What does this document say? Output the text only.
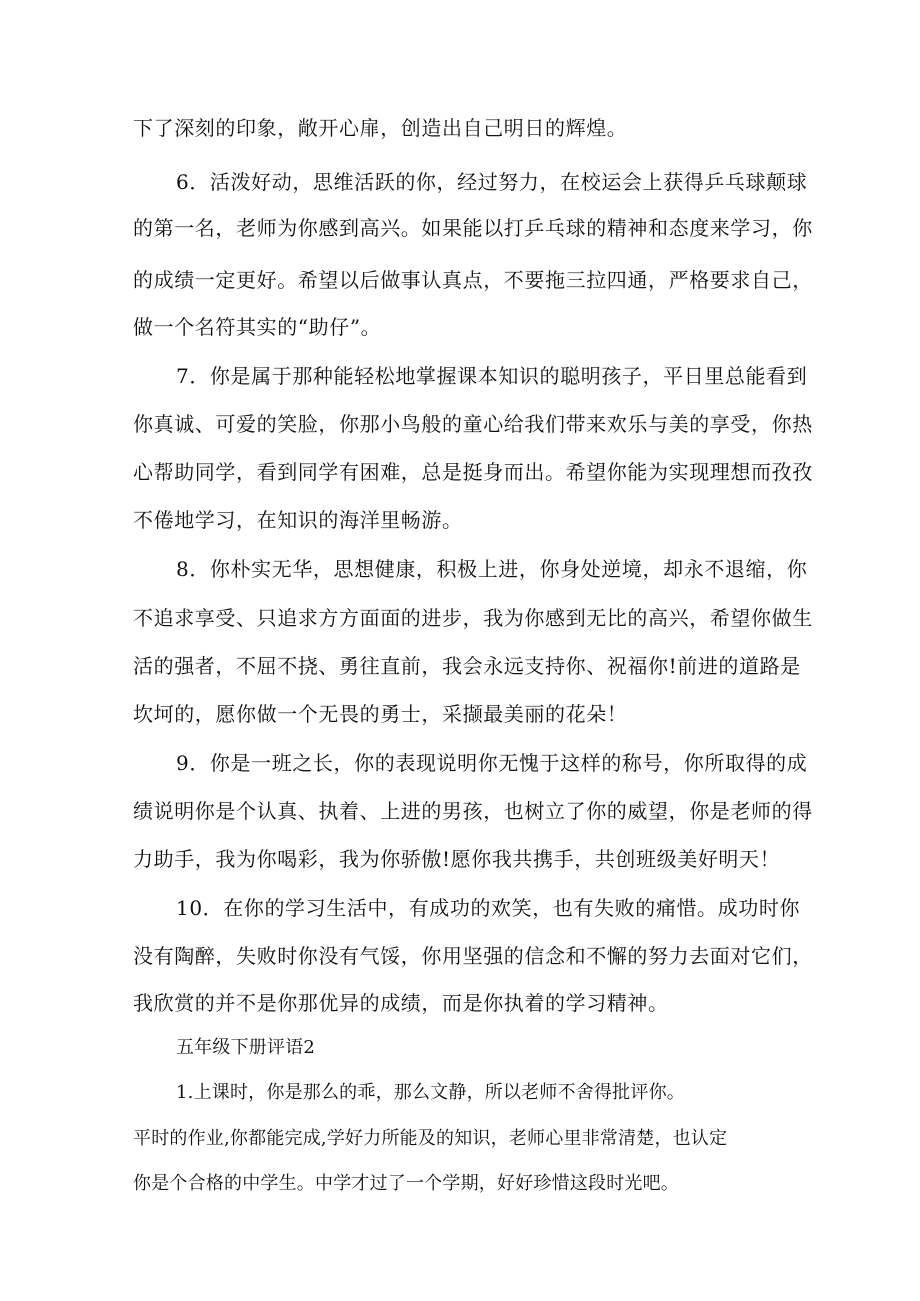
下了深刻的印象，敞开心扉，创造出自己明日的辉煌。
6．活泼好动，思维活跃的你，经过努力，在校运会上获得乒乓球颠球
的第一名，老师为你感到高兴。如果能以打乒乓球的精神和态度来学习，你
的成绩一定更好。希望以后做事认真点，不要拖三拉四通，严格要求自己，
做一个名符其实的“助仔”。
7．你是属于那种能轻松地掌握课本知识的聪明孩子，平日里总能看到
你真诚、可爱的笑脸，你那小鸟般的童心给我们带来欢乐与美的享受，你热
心帮助同学，看到同学有困难，总是挺身而出。希望你能为实现理想而孜孜
不倦地学习，在知识的海洋里畅游。
8．你朴实无华，思想健康，积极上进，你身处逆境，却永不退缩，你
不追求享受、只追求方方面面的进步，我为你感到无比的高兴，希望你做生
活的强者，不屈不挠、勇往直前，我会永远支持你、祝福你!前进的道路是
坎坷的，愿你做一个无畏的勇士，采撷最美丽的花朵！
9．你是一班之长，你的表现说明你无愧于这样的称号，你所取得的成
绩说明你是个认真、执着、上进的男孩，也树立了你的威望，你是老师的得
力助手，我为你喝彩，我为你骄傲!愿你我共携手，共创班级美好明天！
10．在你的学习生活中，有成功的欢笑，也有失败的痛惜。成功时你
没有陶醉，失败时你没有气馁，你用坚强的信念和不懈的努力去面对它们，
我欣赏的并不是你那优异的成绩，而是你执着的学习精神。
五年级下册评语2
1.上课时，你是那么的乖，那么文静，所以老师不舍得批评你。
平时的作业,你都能完成,学好力所能及的知识，老师心里非常清楚，也认定
你是个合格的中学生。中学才过了一个学期，好好珍惜这段时光吧。
